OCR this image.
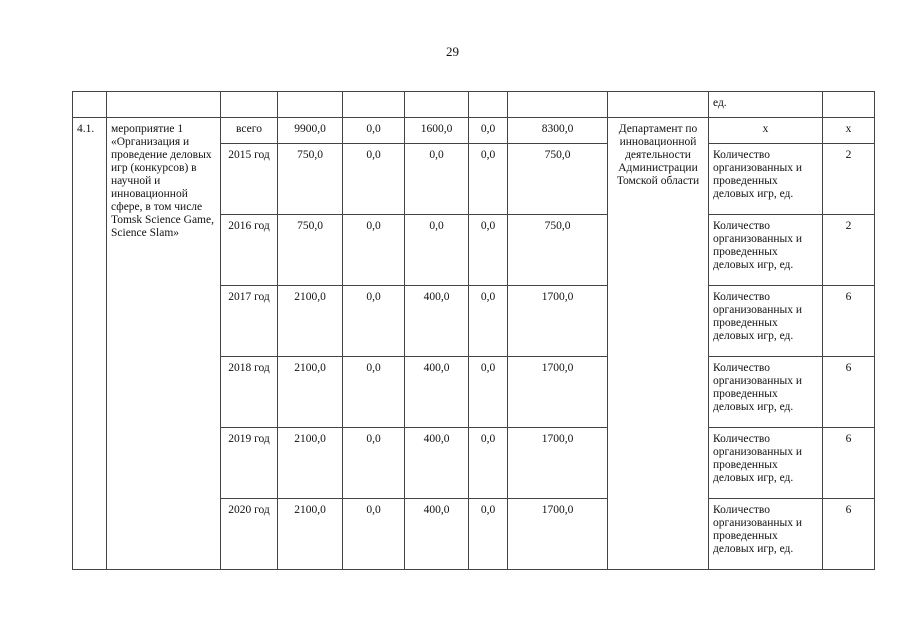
29
									ед.	
4.1.	мероприятие 1 «Организация и проведение деловых игр (конкурсов) в научной и инновационной сфере, в том числе Tomsk Science Game, Science Slam»	всего	9900,0	0,0	1600,0	0,0	8300,0	Департамент по инновационной деятельности Администрации Томской области	х	х
		2015 год	750,0	0,0	0,0	0,0	750,0		Количество организованных и проведенных деловых игр, ед.	2
		2016 год	750,0	0,0	0,0	0,0	750,0		Количество организованных и проведенных деловых игр, ед.	2
		2017 год	2100,0	0,0	400,0	0,0	1700,0		Количество организованных и проведенных деловых игр, ед.	6
		2018 год	2100,0	0,0	400,0	0,0	1700,0		Количество организованных и проведенных деловых игр, ед.	6
		2019 год	2100,0	0,0	400,0	0,0	1700,0		Количество организованных и проведенных деловых игр, ед.	6
		2020 год	2100,0	0,0	400,0	0,0	1700,0		Количество организованных и проведенных деловых игр, ед.	6
